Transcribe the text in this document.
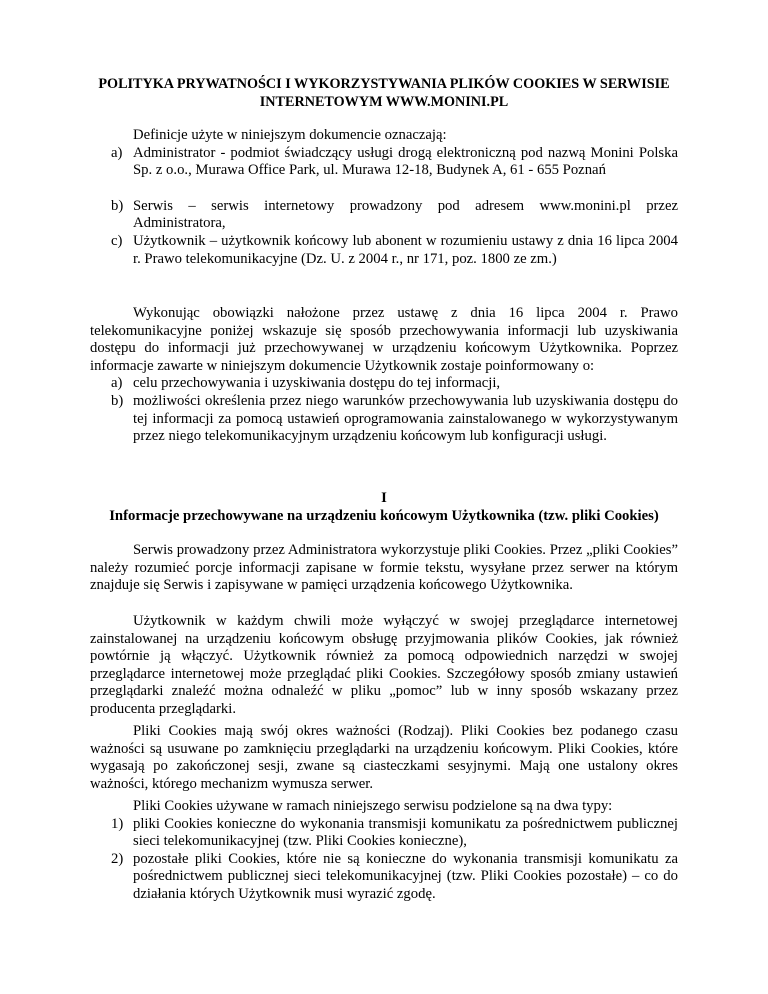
POLITYKA PRYWATNOŚCI I WYKORZYSTYWANIA PLIKÓW COOKIES W SERWISIE INTERNETOWYM WWW.MONINI.PL

Definicje użyte w niniejszym dokumencie oznaczają:

a) Administrator - podmiot świadczący usługi drogą elektroniczną pod nazwą Monini Polska Sp. z o.o., Murawa Office Park, ul. Murawa 12-18, Budynek A, 61 - 655 Poznań
b) Serwis – serwis internetowy prowadzony pod adresem www.monini.pl przez Administratora,
c) Użytkownik – użytkownik końcowy lub abonent w rozumieniu ustawy z dnia 16 lipca 2004 r. Prawo telekomunikacyjne (Dz. U. z 2004 r., nr 171, poz. 1800 ze zm.)

Wykonując obowiązki nałożone przez ustawę z dnia 16 lipca 2004 r. Prawo telekomunikacyjne poniżej wskazuje się sposób przechowywania informacji lub uzyskiwania dostępu do informacji już przechowywanej w urządzeniu końcowym Użytkownika. Poprzez informacje zawarte w niniejszym dokumencie Użytkownik zostaje poinformowany o:

a) celu przechowywania i uzyskiwania dostępu do tej informacji,
b) możliwości określenia przez niego warunków przechowywania lub uzyskiwania dostępu do tej informacji za pomocą ustawień oprogramowania zainstalowanego w wykorzystywanym przez niego telekomunikacyjnym urządzeniu końcowym lub konfiguracji usługi.
I
Informacje przechowywane na urządzeniu końcowym Użytkownika (tzw. pliki Cookies)

Serwis prowadzony przez Administratora wykorzystuje pliki Cookies. Przez „pliki Cookies” należy rozumieć porcje informacji zapisane w formie tekstu, wysyłane przez serwer na którym znajduje się Serwis i zapisywane w pamięci urządzenia końcowego Użytkownika.

Użytkownik w każdym chwili może wyłączyć w swojej przeglądarce internetowej zainstalowanej na urządzeniu końcowym obsługę przyjmowania plików Cookies, jak również powtórnie ją włączyć. Użytkownik również za pomocą odpowiednich narzędzi w swojej przeglądarce internetowej może przeglądać pliki Cookies. Szczegółowy sposób zmiany ustawień przeglądarki znaleźć można odnaleźć w pliku „pomoc” lub w inny sposób wskazany przez producenta przeglądarki.

Pliki Cookies mają swój okres ważności (Rodzaj). Pliki Cookies bez podanego czasu ważności są usuwane po zamknięciu przeglądarki na urządzeniu końcowym. Pliki Cookies, które wygasają po zakończonej sesji, zwane są ciasteczkami sesyjnymi. Mają one ustalony okres ważności, którego mechanizm wymusza serwer.

Pliki Cookies używane w ramach niniejszego serwisu podzielone są na dwa typy:

1) pliki Cookies konieczne do wykonania transmisji komunikatu za pośrednictwem publicznej sieci telekomunikacyjnej (tzw. Pliki Cookies konieczne),
2) pozostałe pliki Cookies, które nie są konieczne do wykonania transmisji komunikatu za pośrednictwem publicznej sieci telekomunikacyjnej (tzw. Pliki Cookies pozostałe) – co do działania których Użytkownik musi wyrazić zgodę.
